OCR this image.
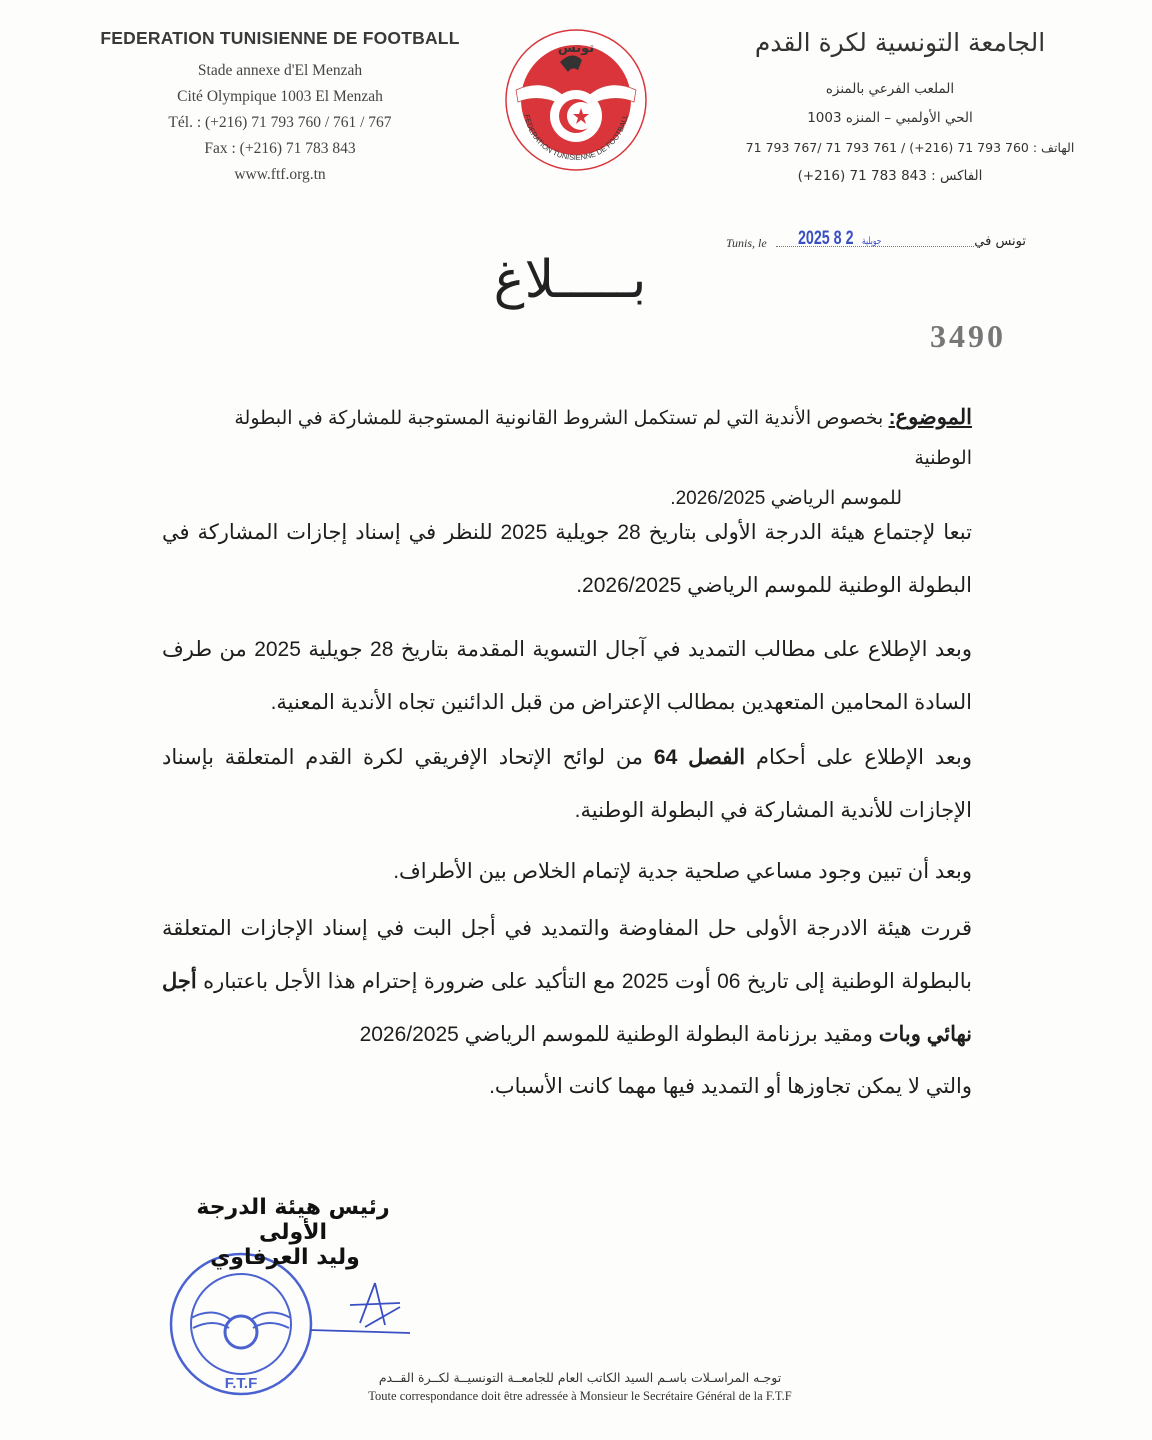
FEDERATION TUNISIENNE DE FOOTBALL
Stade annexe d'El Menzah
Cité Olympique 1003 El Menzah
Tél. : (+216) 71 793 760 / 761 / 767
Fax : (+216) 71 783 843
www.ftf.org.tn
تونس
FEDERATION TUNISIENNE DE FOOTBALL
الجامعة التونسية لكرة القدم
الملعب الفرعي بالمنزه
الحي الأولمبي – المنزه 1003
الهاتف : 760 793 71 (216+) / 761 793 71 /767 793 71
الفاكس : 843 783 71 (216+)
Tunis, le 2025	جويلية 2 8	تونس في
بـــــلاغ
3490
الموضوع: بخصوص الأندية التي لم تستكمل الشروط القانونية المستوجبة للمشاركة في البطولة الوطنية
للموسم الرياضي 2026/2025.
تبعا لإجتماع هيئة الدرجة الأولى بتاريخ 28 جويلية 2025 للنظر في إسناد إجازات المشاركة في البطولة الوطنية للموسم الرياضي 2026/2025.
وبعد الإطلاع على مطالب التمديد في آجال التسوية المقدمة بتاريخ 28 جويلية 2025 من طرف السادة المحامين المتعهدين بمطالب الإعتراض من قبل الدائنين تجاه الأندية المعنية.
وبعد الإطلاع على أحكام الفصل 64 من لوائح الإتحاد الإفريقي لكرة القدم المتعلقة بإسناد الإجازات للأندية المشاركة في البطولة الوطنية.
وبعد أن تبين وجود مساعي صلحية جدية لإتمام الخلاص بين الأطراف.
قررت هيئة الادرجة الأولى حل المفاوضة والتمديد في أجل البت في إسناد الإجازات المتعلقة بالبطولة الوطنية إلى تاريخ 06 أوت 2025 مع التأكيد على ضرورة إحترام هذا الأجل باعتباره أجل نهائي وبات ومقيد برزنامة البطولة الوطنية للموسم الرياضي 2026/2025
والتي لا يمكن تجاوزها أو التمديد فيها مهما كانت الأسباب.
F.T.F
رئيس هيئة الدرجة الأولى
وليد العرفاوي
توجـه المراسـلات باسـم السيد الكاتب العام للجامعــة التونسيــة لكــرة القــدم
Toute correspondance doit être adressée à Monsieur le Secrétaire Général de la F.T.F
